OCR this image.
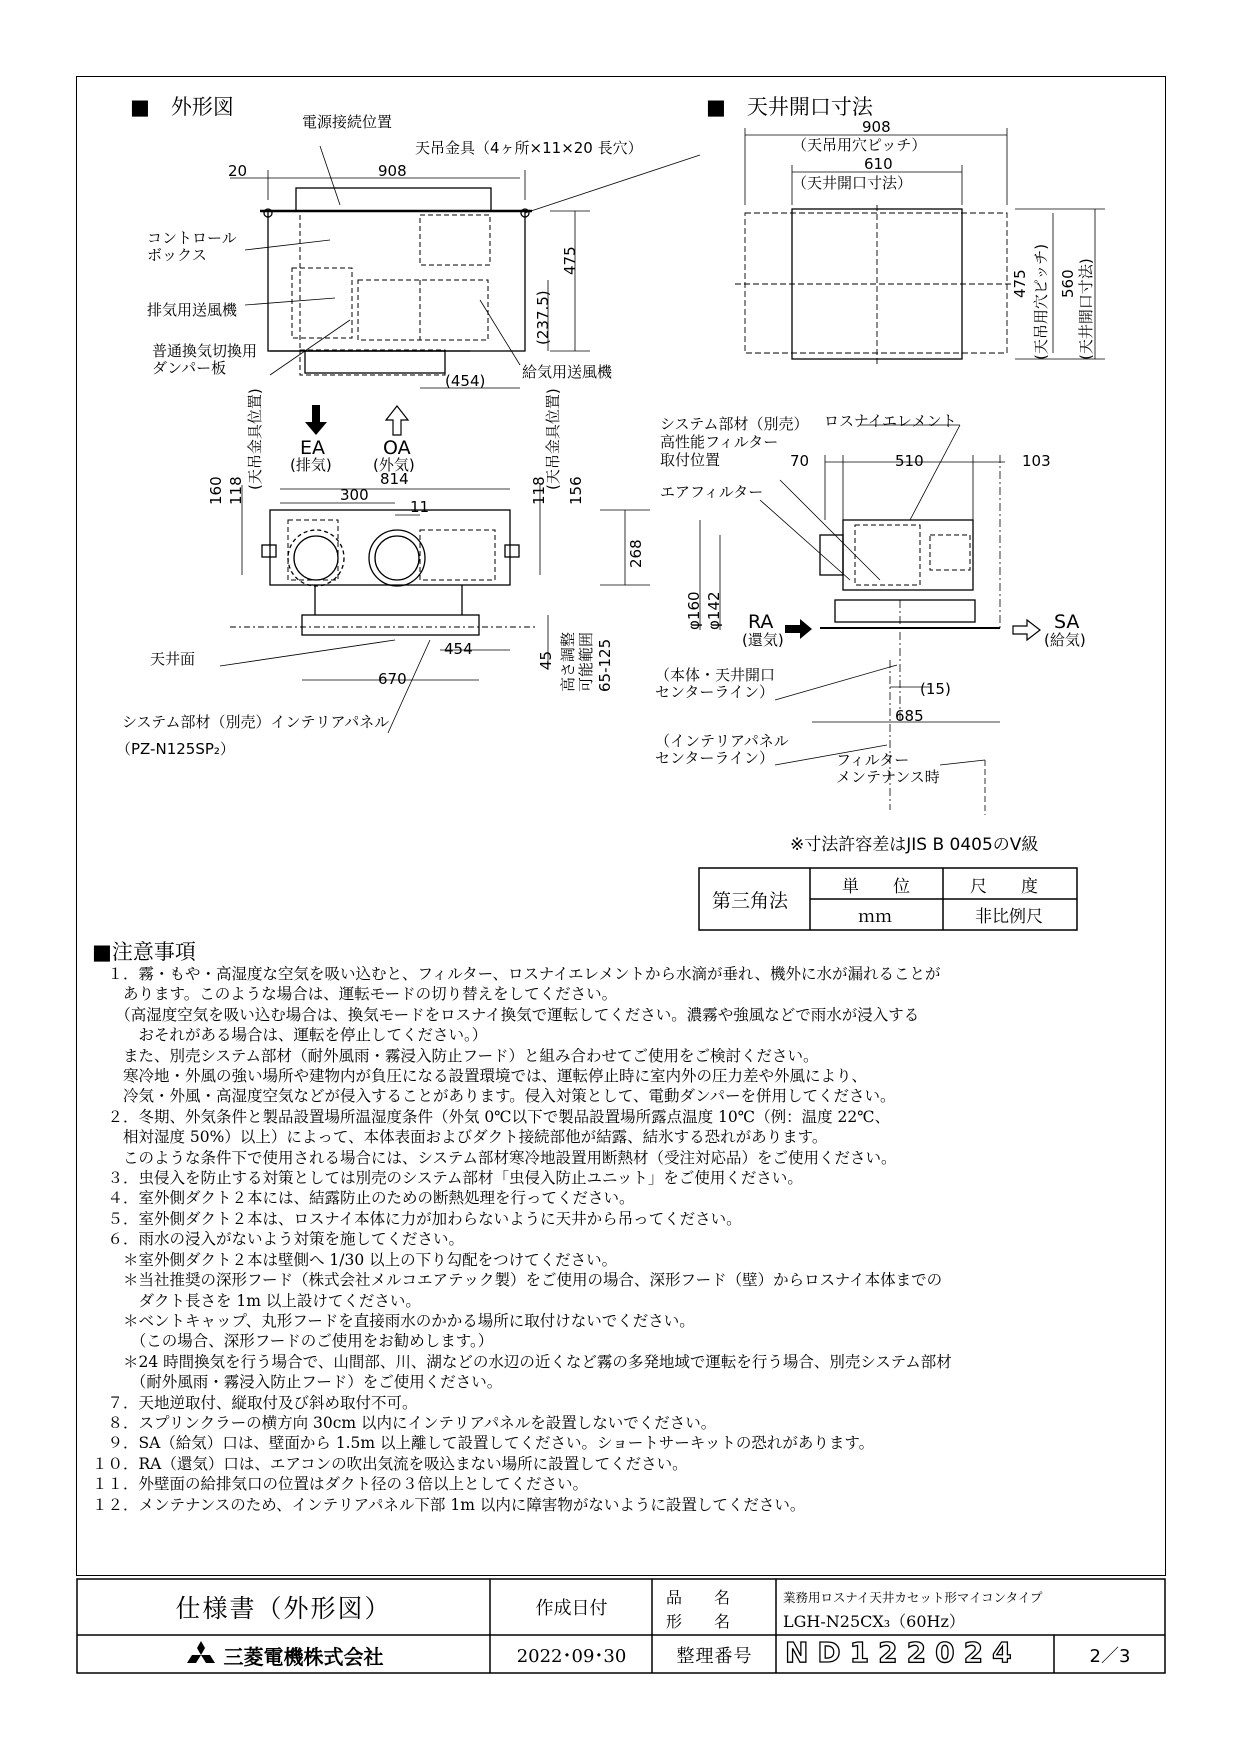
■　外形図
電源接続位置
天吊金具（4ヶ所×11×20 長穴）
コントロール
ボックス
排気用送風機
普通換気切換用
ダンパー板	給気用送風機
20	908
475
(237.5)
(454)
EA
(排気)
OA
(外気)
(天吊金具位置)	(天吊金具位置)
814
300
11
160 118	118 156
268
454
670
45 高さ調整 可能範囲 65-125
天井面
システム部材（別売）インテリアパネル
（PZ-N125SP₂）
■　天井開口寸法
908
（天吊用穴ピッチ）
610
（天井開口寸法）
475 (天吊用穴ピッチ) 560 (天井開口寸法)
システム部材（別売）
高性能フィルター
取付位置
ロスナイエレメント
70	510	103
エアフィルター
φ160 φ142 RA
(還気)
SA
(給気)
（本体・天井開口
センターライン）	(15)
685
（インテリアパネル
センターライン）	フィルター
メンテナンス時
※寸法許容差はJIS B 0405のV級
第三角法
単　　位	尺　　度
ｍｍ	非比例尺
■注意事項
　１．霧・もや・高湿度な空気を吸い込むと、フィルター、ロスナイエレメントから水滴が垂れ、機外に水が漏れることが
　　あります。このような場合は、運転モードの切り替えをしてください。
　　（高湿度空気を吸い込む場合は、換気モードをロスナイ換気で運転してください。濃霧や強風などで雨水が浸入する
　　　おそれがある場合は、運転を停止してください。）
　　また、別売システム部材（耐外風雨・霧浸入防止フード）と組み合わせてご使用をご検討ください。
　　寒冷地・外風の強い場所や建物内が負圧になる設置環境では、運転停止時に室内外の圧力差や外風により、
　　冷気・外風・高湿度空気などが侵入することがあります。侵入対策として、電動ダンパーを併用してください。
　２．冬期、外気条件と製品設置場所温湿度条件（外気 0℃以下で製品設置場所露点温度 10℃（例：温度 22℃、
　　相対湿度 50%）以上）によって、本体表面およびダクト接続部他が結露、結氷する恐れがあります。
　　このような条件下で使用される場合には、システム部材寒冷地設置用断熱材（受注対応品）をご使用ください。
　３．虫侵入を防止する対策としては別売のシステム部材「虫侵入防止ユニット」をご使用ください。
　４．室外側ダクト２本には、結露防止のための断熱処理を行ってください。
　５．室外側ダクト２本は、ロスナイ本体に力が加わらないように天井から吊ってください。
　６．雨水の浸入がないよう対策を施してください。
　　＊室外側ダクト２本は壁側へ 1/30 以上の下り勾配をつけてください。
　　＊当社推奨の深形フード（株式会社メルコエアテック製）をご使用の場合、深形フード（壁）からロスナイ本体までの
　　　ダクト長さを 1m 以上設けてください。
　　＊ベントキャップ、丸形フードを直接雨水のかかる場所に取付けないでください。
　　　（この場合、深形フードのご使用をお勧めします。）
　　＊24 時間換気を行う場合で、山間部、川、湖などの水辺の近くなど霧の多発地域で運転を行う場合、別売システム部材
　　　（耐外風雨・霧浸入防止フード）をご使用ください。
　７．天地逆取付、縦取付及び斜め取付不可。
　８．スプリンクラーの横方向 30cm 以内にインテリアパネルを設置しないでください。
　９．SA（給気）口は、壁面から 1.5m 以上離して設置してください。ショートサーキットの恐れがあります。
１０．RA（還気）口は、エアコンの吹出気流を吸込まない場所に設置してください。
１１．外壁面の給排気口の位置はダクト径の３倍以上としてください。
１２．メンテナンスのため、インテリアパネル下部 1m 以内に障害物がないように設置してください。
仕様書（外形図）	作成日付
品　　名
形　　名
業務用ロスナイ天井カセット形マイコンタイプ
LGH-N25CX₃（60Hz）
三菱電機株式会社	2022･09･30	整理番号	ND122024	2／3
